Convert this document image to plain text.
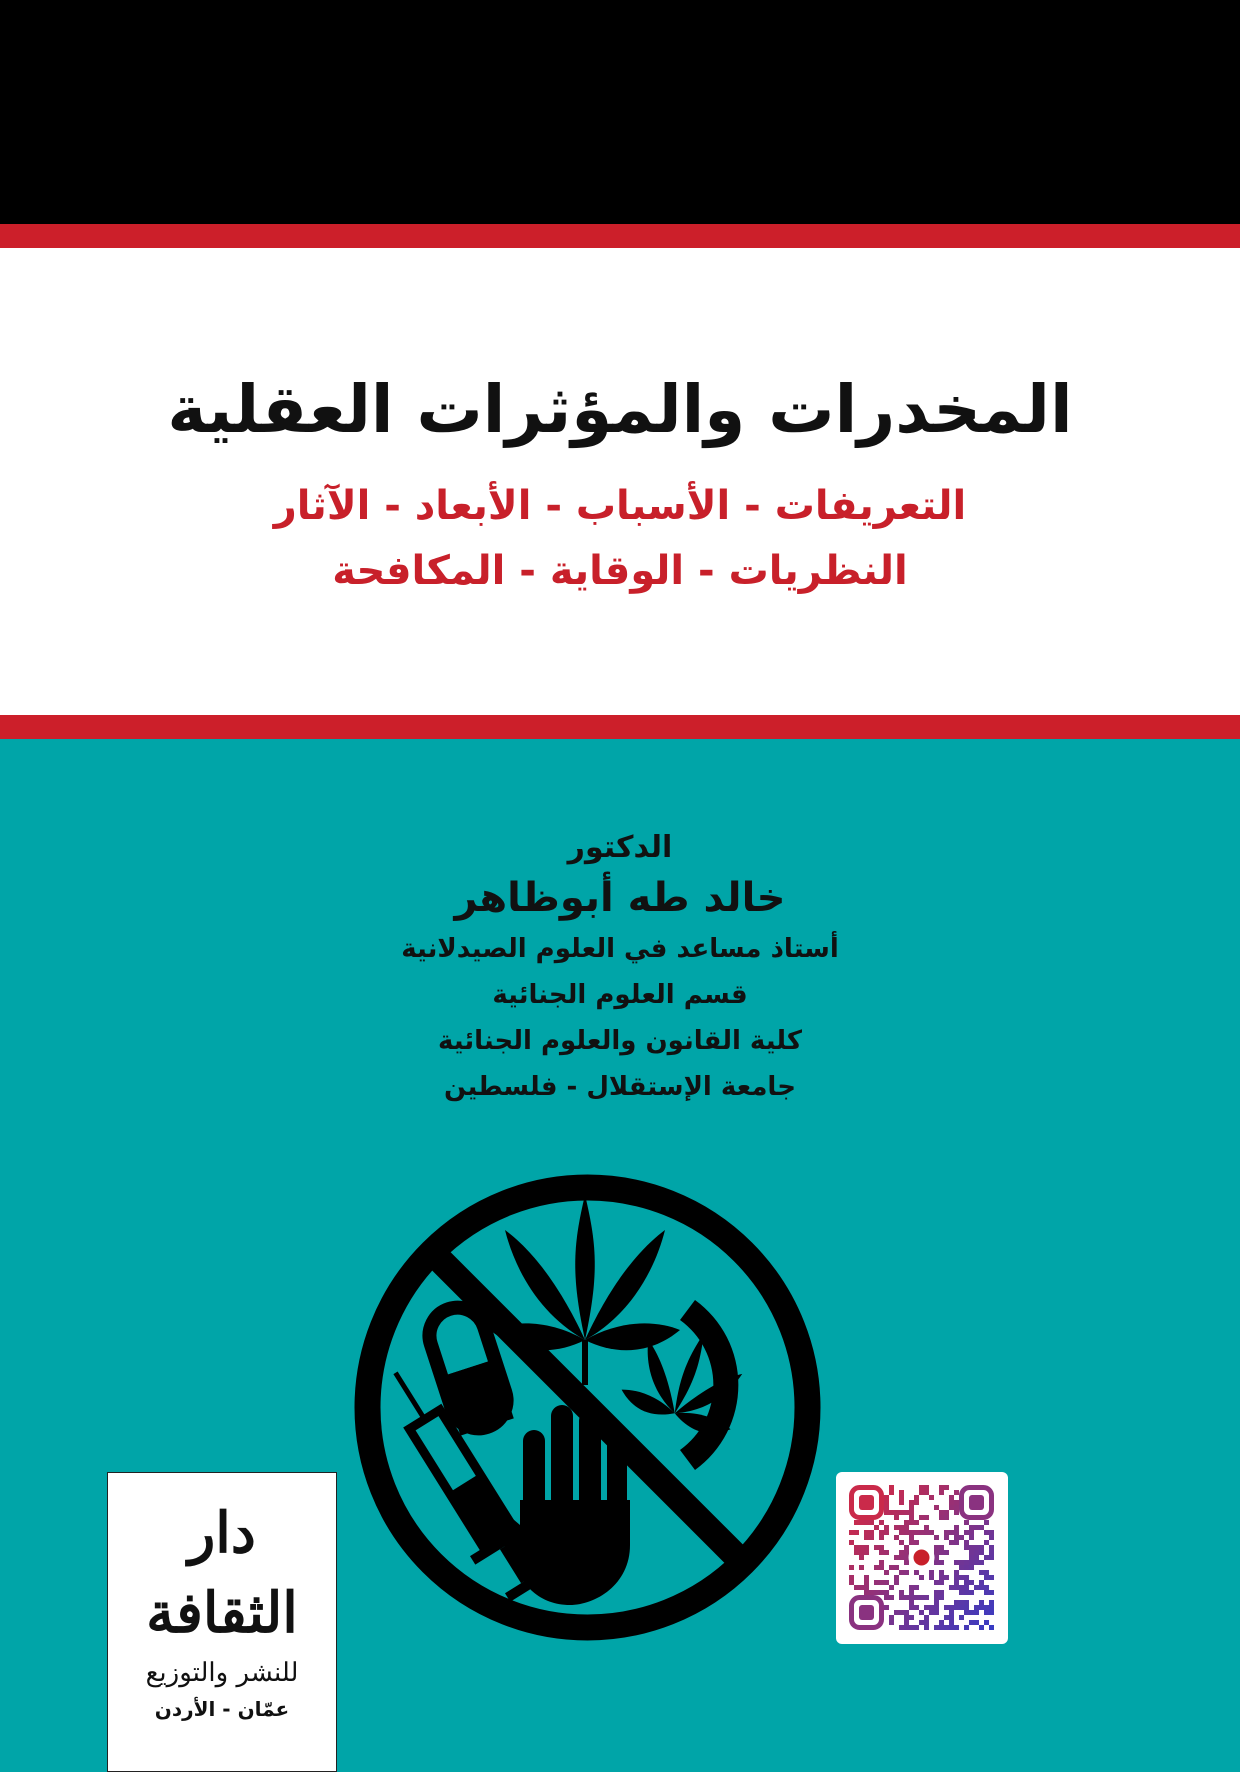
المخدرات والمؤثرات العقلية
التعريفات - الأسباب - الأبعاد - الآثار
النظريات - الوقاية - المكافحة
الدكتور
خالد طه أبوظاهر
أستاذ مساعد في العلوم الصيدلانية
قسم العلوم الجنائية
كلية القانون والعلوم الجنائية
جامعة الإستقلال - فلسطين
دار الثقافة
للنشر والتوزيع
عمّان - الأردن
